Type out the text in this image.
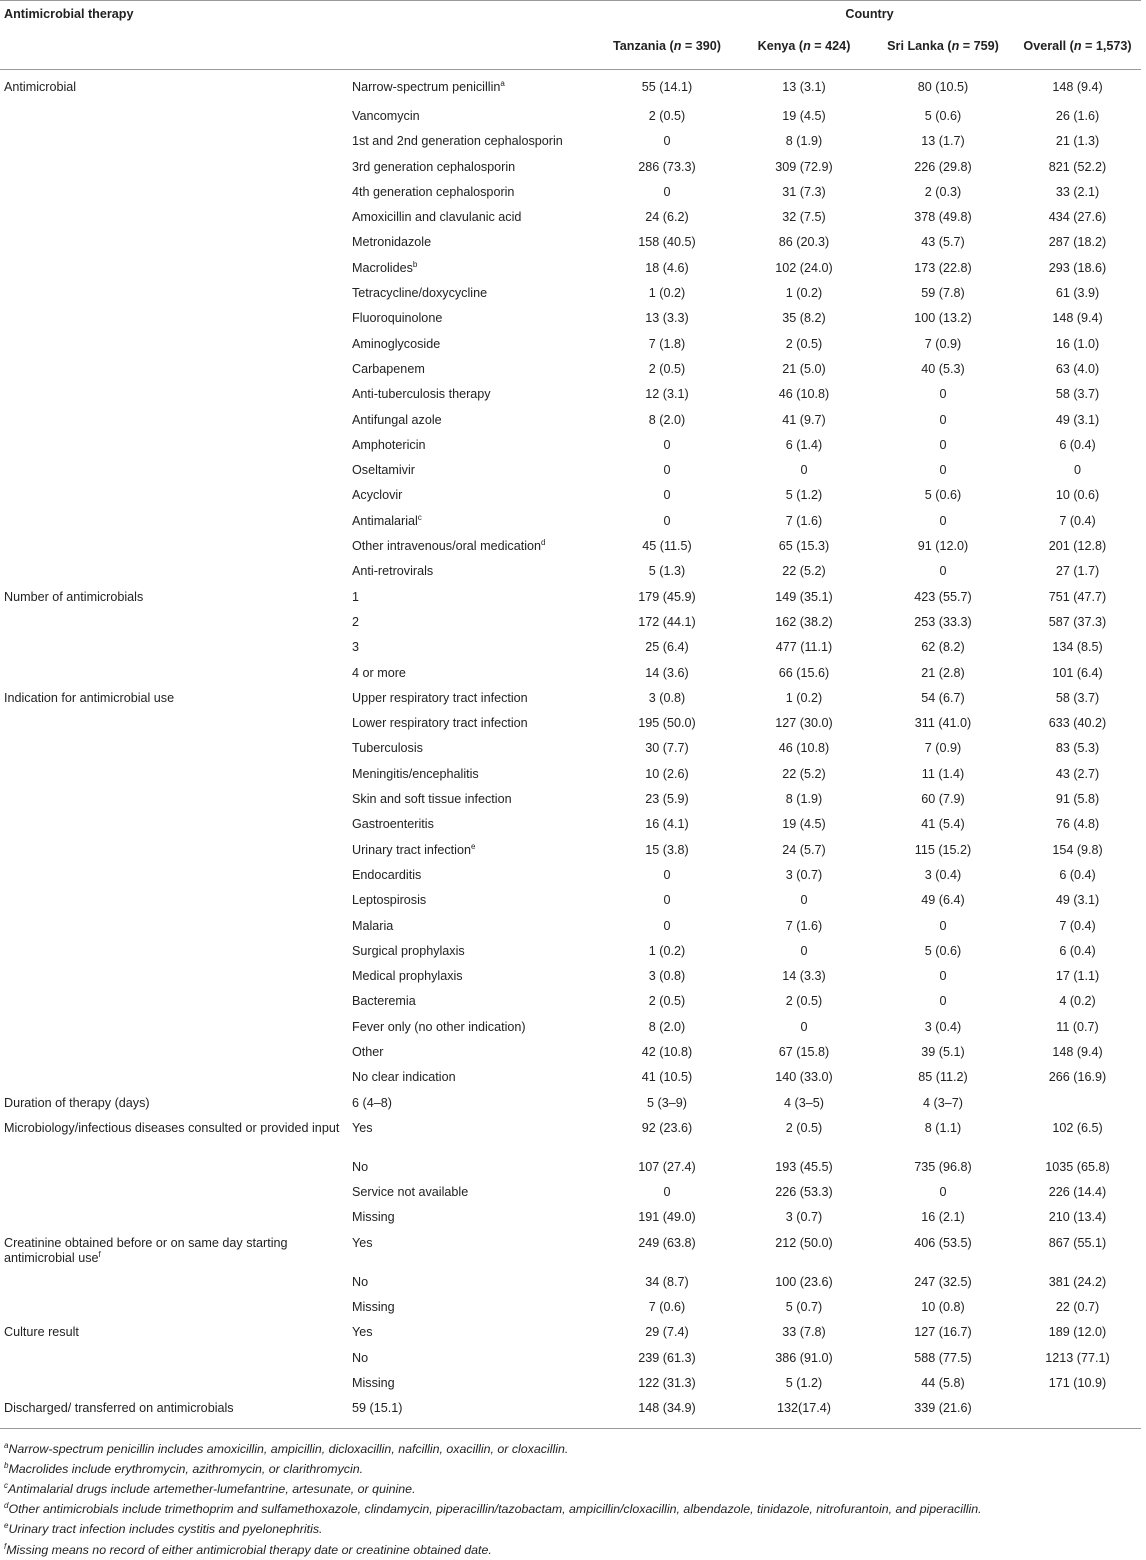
Antimicrobial therapy		Country			
		Tanzania (n = 390)	Kenya (n = 424)	Sri Lanka (n = 759)	Overall (n = 1,573)
Antimicrobial	Narrow-spectrum penicillin$^a$	55 (14.1)	13 (3.1)	80 (10.5)	148 (9.4)
	Vancomycin	2 (0.5)	19 (4.5)	5 (0.6)	26 (1.6)
	1st and 2nd generation cephalosporin	0	8 (1.9)	13 (1.7)	21 (1.3)
	3rd generation cephalosporin	286 (73.3)	309 (72.9)	226 (29.8)	821 (52.2)
	4th generation cephalosporin	0	31 (7.3)	2 (0.3)	33 (2.1)
	Amoxicillin and clavulanic acid	24 (6.2)	32 (7.5)	378 (49.8)	434 (27.6)
	Metronidazole	158 (40.5)	86 (20.3)	43 (5.7)	287 (18.2)
	Macrolides$^b$	18 (4.6)	102 (24.0)	173 (22.8)	293 (18.6)
	Tetracycline/doxycycline	1 (0.2)	1 (0.2)	59 (7.8)	61 (3.9)
	Fluoroquinolone	13 (3.3)	35 (8.2)	100 (13.2)	148 (9.4)
	Aminoglycoside	7 (1.8)	2 (0.5)	7 (0.9)	16 (1.0)
	Carbapenem	2 (0.5)	21 (5.0)	40 (5.3)	63 (4.0)
	Anti-tuberculosis therapy	12 (3.1)	46 (10.8)	0	58 (3.7)
	Antifungal azole	8 (2.0)	41 (9.7)	0	49 (3.1)
	Amphotericin	0	6 (1.4)	0	6 (0.4)
	Oseltamivir	0	0	0	0
	Acyclovir	0	5 (1.2)	5 (0.6)	10 (0.6)
	Antimalarial$^c$	0	7 (1.6)	0	7 (0.4)
	Other intravenous/oral medication$^d$	45 (11.5)	65 (15.3)	91 (12.0)	201 (12.8)
	Anti-retrovirals	5 (1.3)	22 (5.2)	0	27 (1.7)
Number of antimicrobials	1	179 (45.9)	149 (35.1)	423 (55.7)	751 (47.7)
	2	172 (44.1)	162 (38.2)	253 (33.3)	587 (37.3)
	3	25 (6.4)	477 (11.1)	62 (8.2)	134 (8.5)
	4 or more	14 (3.6)	66 (15.6)	21 (2.8)	101 (6.4)
Indication for antimicrobial use	Upper respiratory tract infection	3 (0.8)	1 (0.2)	54 (6.7)	58 (3.7)
	Lower respiratory tract infection	195 (50.0)	127 (30.0)	311 (41.0)	633 (40.2)
	Tuberculosis	30 (7.7)	46 (10.8)	7 (0.9)	83 (5.3)
	Meningitis/encephalitis	10 (2.6)	22 (5.2)	11 (1.4)	43 (2.7)
	Skin and soft tissue infection	23 (5.9)	8 (1.9)	60 (7.9)	91 (5.8)
	Gastroenteritis	16 (4.1)	19 (4.5)	41 (5.4)	76 (4.8)
	Urinary tract infection$^e$	15 (3.8)	24 (5.7)	115 (15.2)	154 (9.8)
	Endocarditis	0	3 (0.7)	3 (0.4)	6 (0.4)
	Leptospirosis	0	0	49 (6.4)	49 (3.1)
	Malaria	0	7 (1.6)	0	7 (0.4)
	Surgical prophylaxis	1 (0.2)	0	5 (0.6)	6 (0.4)
	Medical prophylaxis	3 (0.8)	14 (3.3)	0	17 (1.1)
	Bacteremia	2 (0.5)	2 (0.5)	0	4 (0.2)
	Fever only (no other indication)	8 (2.0)	0	3 (0.4)	11 (0.7)
	Other	42 (10.8)	67 (15.8)	39 (5.1)	148 (9.4)
	No clear indication	41 (10.5)	140 (33.0)	85 (11.2)	266 (16.9)
Duration of therapy (days)	6 (4–8)	5 (3–9)	4 (3–5)	4 (3–7)	
Microbiology/infectious diseases consulted or provided input	Yes	92 (23.6)	2 (0.5)	8 (1.1)	102 (6.5)
	No	107 (27.4)	193 (45.5)	735 (96.8)	1035 (65.8)
	Service not available	0	226 (53.3)	0	226 (14.4)
	Missing	191 (49.0)	3 (0.7)	16 (2.1)	210 (13.4)
Creatinine obtained before or on same day starting antimicrobial use$^f$	Yes	249 (63.8)	212 (50.0)	406 (53.5)	867 (55.1)
	No	34 (8.7)	100 (23.6)	247 (32.5)	381 (24.2)
	Missing	7 (0.6)	5 (0.7)	10 (0.8)	22 (0.7)
Culture result	Yes	29 (7.4)	33 (7.8)	127 (16.7)	189 (12.0)
	No	239 (61.3)	386 (91.0)	588 (77.5)	1213 (77.1)
	Missing	122 (31.3)	5 (1.2)	44 (5.8)	171 (10.9)
Discharged/ transferred on antimicrobials	59 (15.1)	148 (34.9)	132(17.4)	339 (21.6)	
$^a$Narrow-spectrum penicillin includes amoxicillin, ampicillin, dicloxacillin, nafcillin, oxacillin, or cloxacillin.
$^b$Macrolides include erythromycin, azithromycin, or clarithromycin.
$^c$Antimalarial drugs include artemether-lumefantrine, artesunate, or quinine.
$^d$Other antimicrobials include trimethoprim and sulfamethoxazole, clindamycin, piperacillin/tazobactam, ampicillin/cloxacillin, albendazole, tinidazole, nitrofurantoin, and piperacillin.
$^e$Urinary tract infection includes cystitis and pyelonephritis.
$^f$Missing means no record of either antimicrobial therapy date or creatinine obtained date.
